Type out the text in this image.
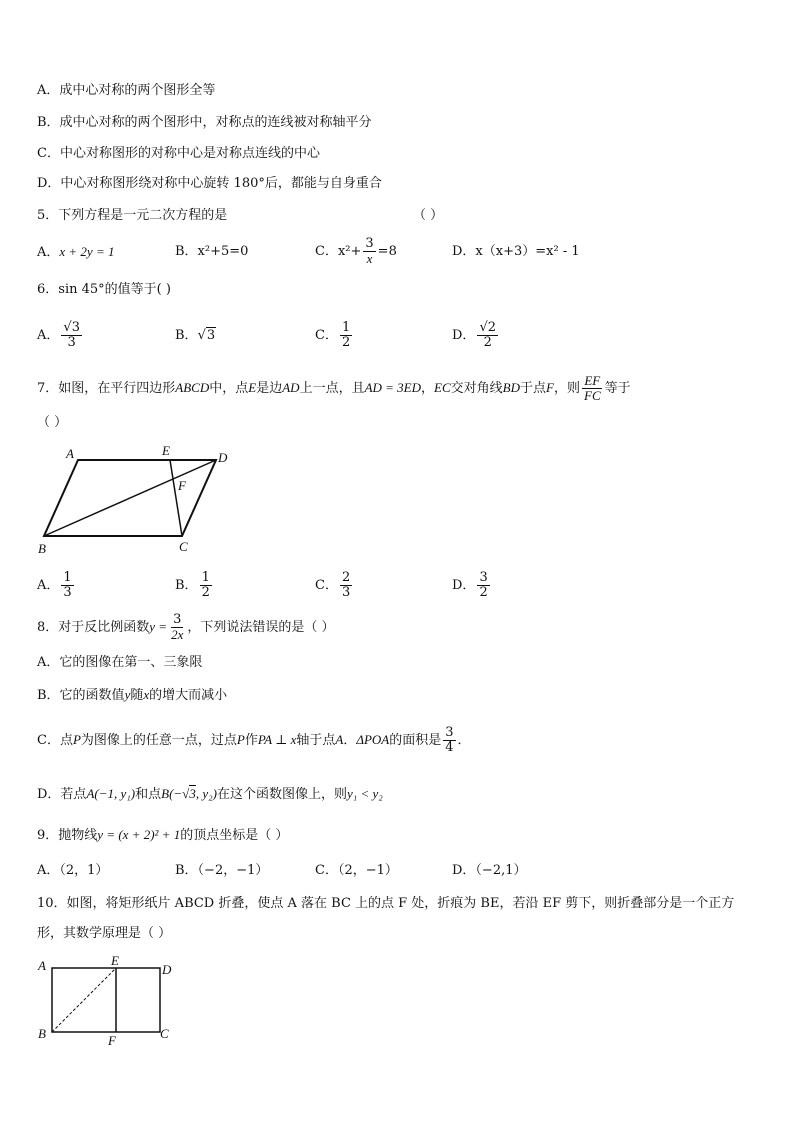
A．成中心对称的两个图形全等
B．成中心对称的两个图形中，对称点的连线被对称轴平分
C．中心对称图形的对称中心是对称点连线的中心
D．中心对称图形绕对称中心旋转 180°后，都能与自身重合
5．下列方程是一元二次方程的是	（ ）
A．x + 2y = 1	B．x²+5=0	C．$x^2+ \frac{3}{x} =8$	D．x（x+3）=x² - 1
6．sin 45°的值等于( )
A． $\frac{√3}{3}$	B．√3	C． $\frac{1}{2}$	D． $\frac{√2}{2}$
7．如图，在平行四边形ABCD中，点E是边AD上一点，且AD = 3ED，EC交对角线BD于点F，则 $\frac{EF}{FC}$ 等于
（ ）
A	E	D
F
B	C
A． $\frac{1}{3}$	B． $\frac{1}{2}$	C． $\frac{2}{3}$	D． $\frac{3}{2}$
8．对于反比例函数$y = \frac{3}{2x}$ ，下列说法错误的是（ ）
A．它的图像在第一、三象限
B．它的函数值y随x的增大而减小
C．点P为图像上的任意一点，过点P作PA ⊥ x轴于点A．ΔPOA的面积是 $\frac{3}{4}$ ．
D．若点A(−1, y₁)和点B(−√3, y₂)在这个函数图像上，则y₁ < y₂
9．抛物线y = (x + 2)² + 1的顶点坐标是（ ）
A．（2，1）	B．（−2，−1）	C．（2，−1）	D．（−2,1）
10．如图，将矩形纸片 ABCD 折叠，使点 A 落在 BC 上的点 F 处，折痕为 BE，若沿 EF 剪下，则折叠部分是一个正方
形，其数学原理是（ ）
A	E
D
B	F	C
